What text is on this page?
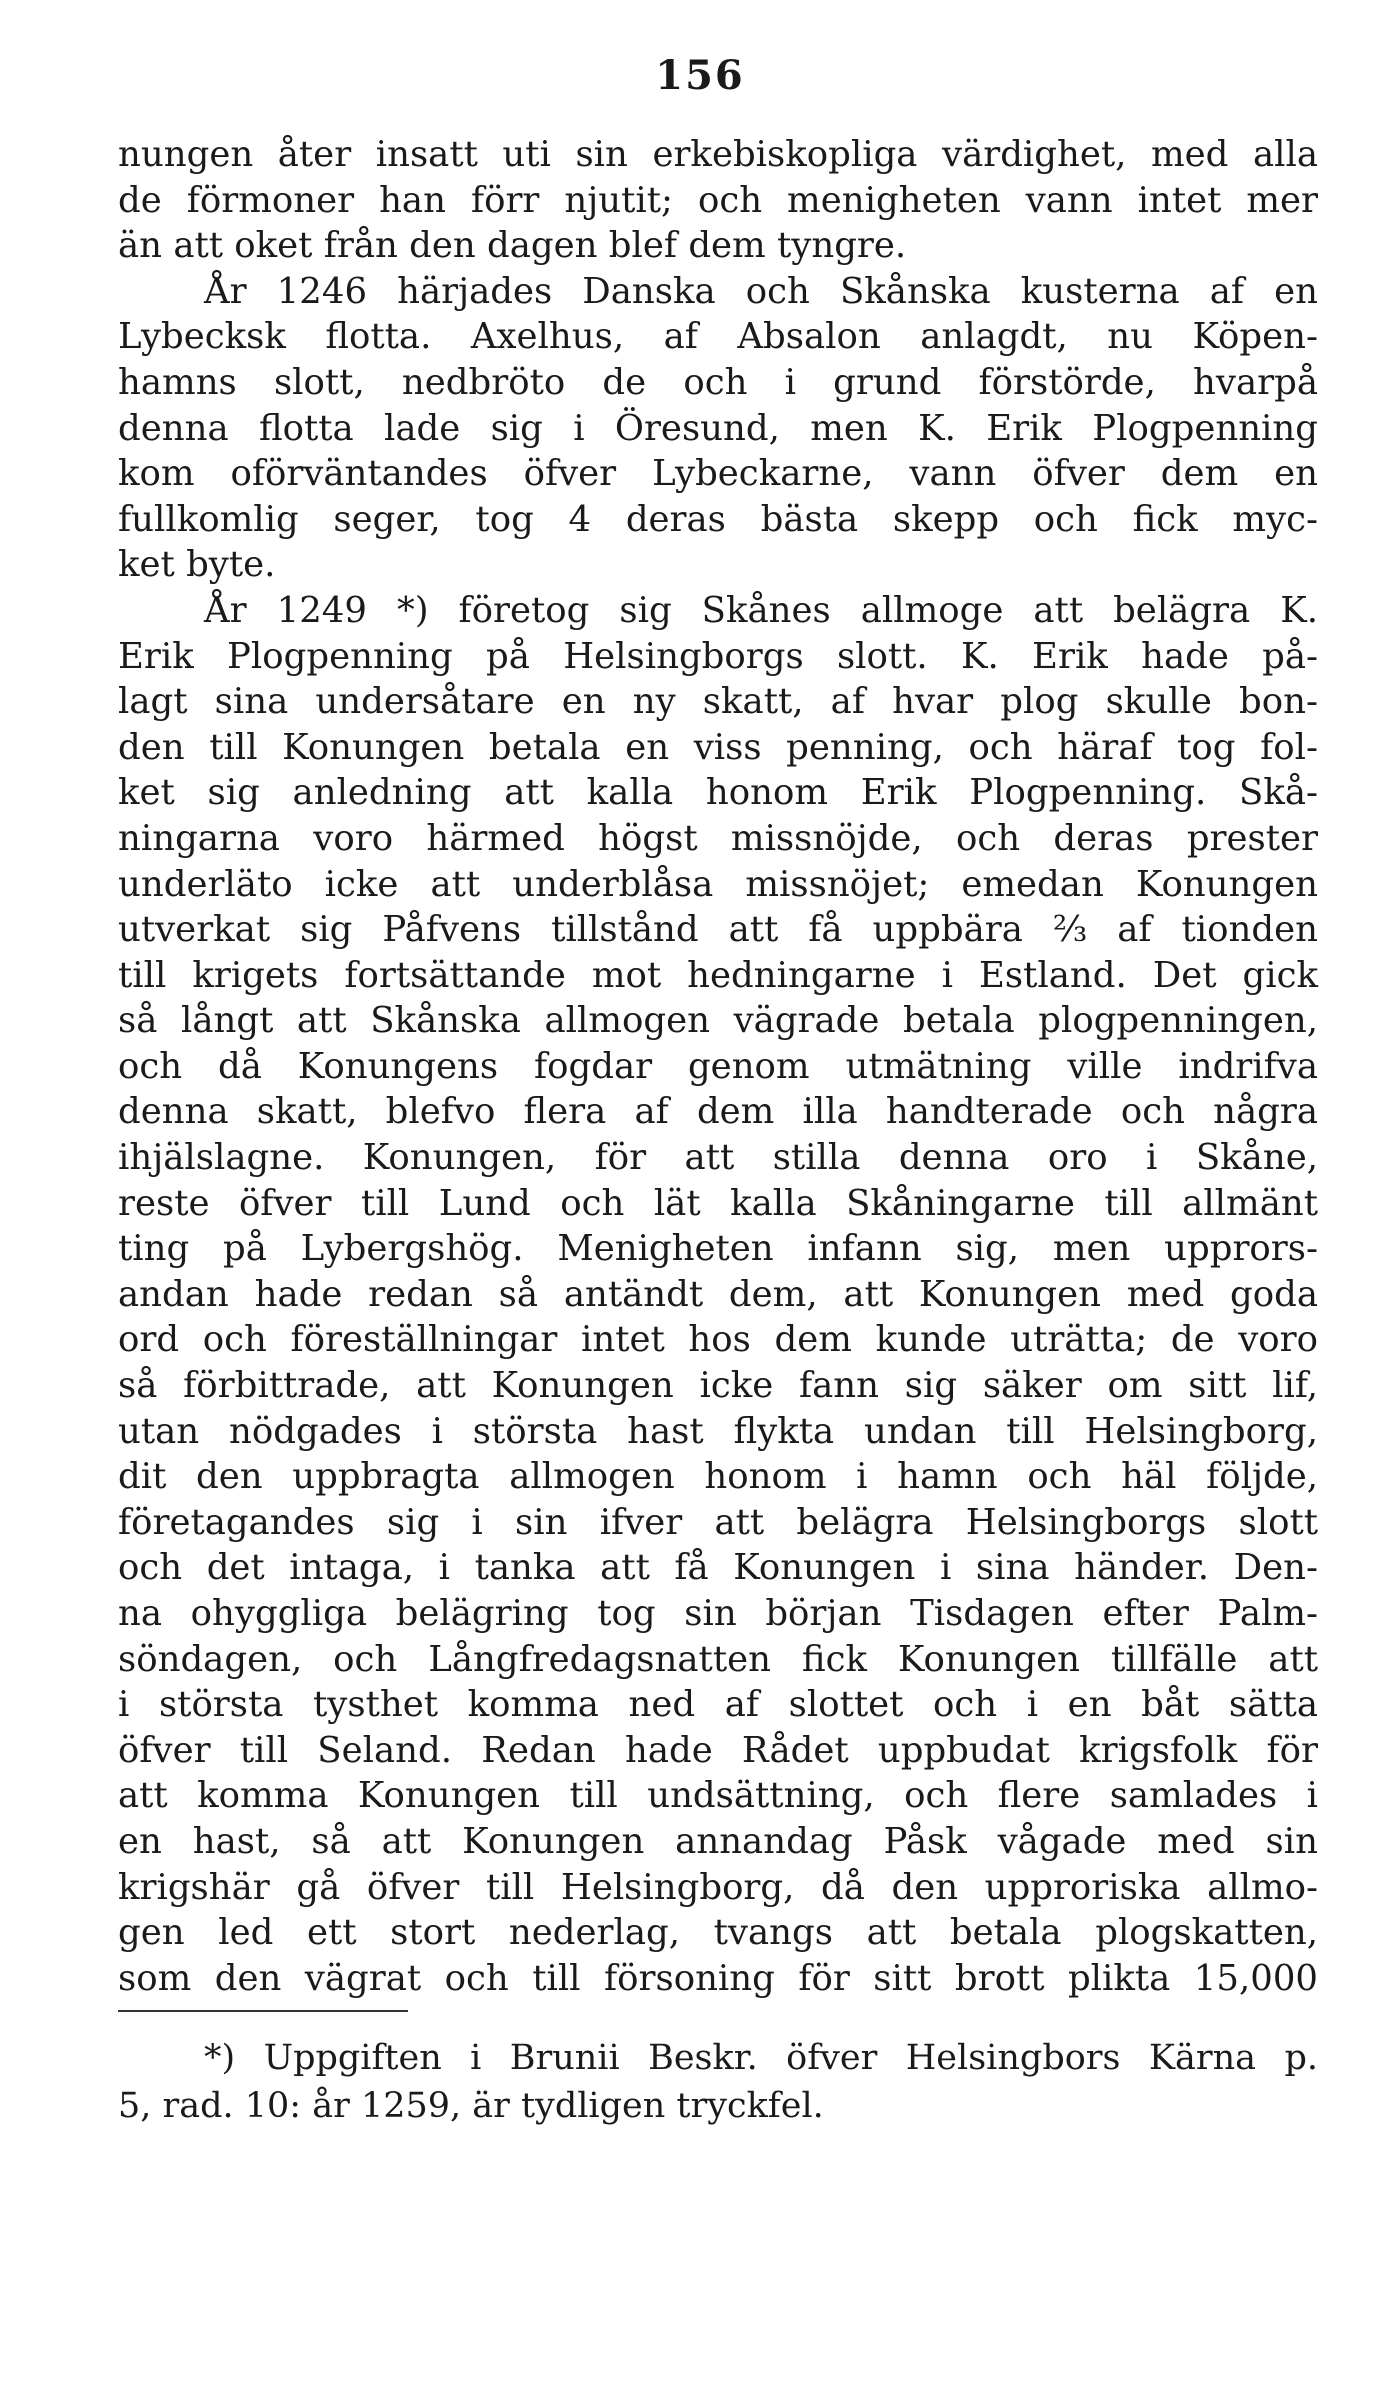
156
nungen åter insatt uti sin erkebiskopliga värdighet, med alla
de förmoner han förr njutit; och menigheten vann intet mer
än att oket från den dagen blef dem tyngre.
År 1246 härjades Danska och Skånska kusterna af en
Lybecksk flotta. Axelhus, af Absalon anlagdt, nu Köpen-
hamns slott, nedbröto de och i grund förstörde, hvarpå
denna flotta lade sig i Öresund, men K. Erik Plogpenning
kom oförväntandes öfver Lybeckarne, vann öfver dem en
fullkomlig seger, tog 4 deras bästa skepp och fick myc-
ket byte.
År 1249 *) företog sig Skånes allmoge att belägra K.
Erik Plogpenning på Helsingborgs slott. K. Erik hade på-
lagt sina undersåtare en ny skatt, af hvar plog skulle bon-
den till Konungen betala en viss penning, och häraf tog fol-
ket sig anledning att kalla honom Erik Plogpenning. Skå-
ningarna voro härmed högst missnöjde, och deras prester
underläto icke att underblåsa missnöjet; emedan Konungen
utverkat sig Påfvens tillstånd att få uppbära ⅔ af tionden
till krigets fortsättande mot hedningarne i Estland. Det gick
så långt att Skånska allmogen vägrade betala plogpenningen,
och då Konungens fogdar genom utmätning ville indrifva
denna skatt, blefvo flera af dem illa handterade och några
ihjälslagne. Konungen, för att stilla denna oro i Skåne,
reste öfver till Lund och lät kalla Skåningarne till allmänt
ting på Lybergshög. Menigheten infann sig, men upprors-
andan hade redan så antändt dem, att Konungen med goda
ord och föreställningar intet hos dem kunde uträtta; de voro
så förbittrade, att Konungen icke fann sig säker om sitt lif,
utan nödgades i största hast flykta undan till Helsingborg,
dit den uppbragta allmogen honom i hamn och häl följde,
företagandes sig i sin ifver att belägra Helsingborgs slott
och det intaga, i tanka att få Konungen i sina händer. Den-
na ohyggliga belägring tog sin början Tisdagen efter Palm-
söndagen, och Långfredagsnatten fick Konungen tillfälle att
i största tysthet komma ned af slottet och i en båt sätta
öfver till Seland. Redan hade Rådet uppbudat krigsfolk för
att komma Konungen till undsättning, och flere samlades i
en hast, så att Konungen annandag Påsk vågade med sin
krigshär gå öfver till Helsingborg, då den upproriska allmo-
gen led ett stort nederlag, tvangs att betala plogskatten,
som den vägrat och till försoning för sitt brott plikta 15,000
*) Uppgiften i Brunii Beskr. öfver Helsingbors Kärna p.
5, rad. 10: år 1259, är tydligen tryckfel.
